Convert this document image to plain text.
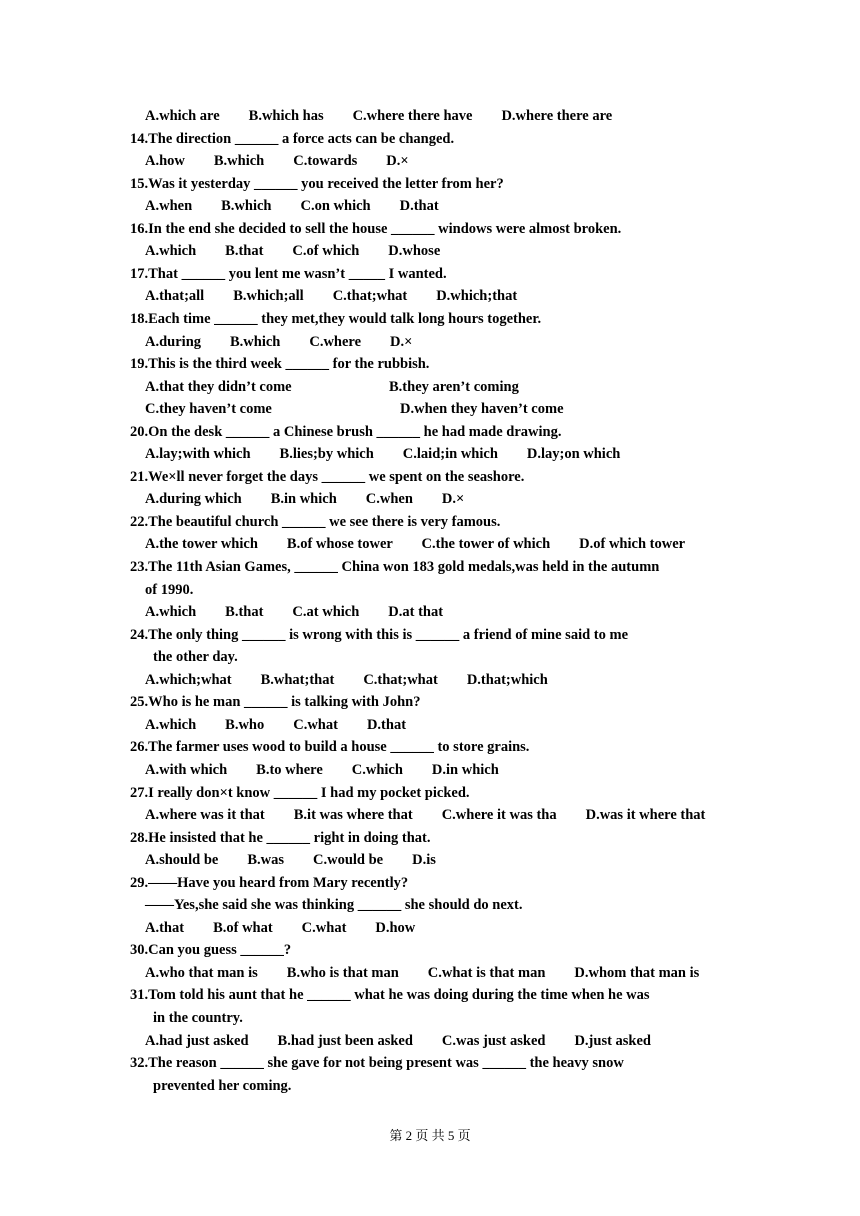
A.which are        B.which has        C.where there have        D.where there are
14.The direction ______ a force acts can be changed.
A.how        B.which        C.towards        D.×
15.Was it yesterday ______ you received the letter from her?
A.when        B.which        C.on which        D.that
16.In the end she decided to sell the house ______ windows were almost broken.
A.which        B.that        C.of which        D.whose
17.That ______ you lent me wasn’t _____ I wanted.
A.that;all        B.which;all        C.that;what        D.which;that
18.Each time ______ they met,they would talk long hours together.
A.during        B.which        C.where        D.×
19.This is the third week ______ for the rubbish.
A.that they didn’t come	B.they aren’t coming
C.they haven’t come	D.when they haven’t come
20.On the desk ______ a Chinese brush ______ he had made drawing.
A.lay;with which        B.lies;by which        C.laid;in which        D.lay;on which
21.We×ll never forget the days ______ we spent on the seashore.
A.during which        B.in which        C.when        D.×
22.The beautiful church ______ we see there is very famous.
A.the tower which        B.of whose tower        C.the tower of which        D.of which tower
23.The 11th Asian Games, ______ China won 183 gold medals,was held in the autumn
of 1990.
A.which        B.that        C.at which        D.at that
24.The only thing ______ is wrong with this is ______ a friend of mine said to me
the other day.
A.which;what        B.what;that        C.that;what        D.that;which
25.Who is he man ______ is talking with John?
A.which        B.who        C.what        D.that
26.The farmer uses wood to build a house ______ to store grains.
A.with which        B.to where        C.which        D.in which
27.I really don×t know ______ I had my pocket picked.
A.where was it that        B.it was where that        C.where it was tha        D.was it where that
28.He insisted that he ______ right in doing that.
A.should be        B.was        C.would be        D.is
29.——Have you heard from Mary recently?
——Yes,she said she was thinking ______ she should do next.
A.that        B.of what        C.what        D.how
30.Can you guess ______?
A.who that man is        B.who is that man        C.what is that man        D.whom that man is
31.Tom told his aunt that he ______ what he was doing during the time when he was
in the country.
A.had just asked        B.had just been asked        C.was just asked        D.just asked
32.The reason ______ she gave for not being present was ______ the heavy snow
prevented her coming.
第 2 页 共 5 页
